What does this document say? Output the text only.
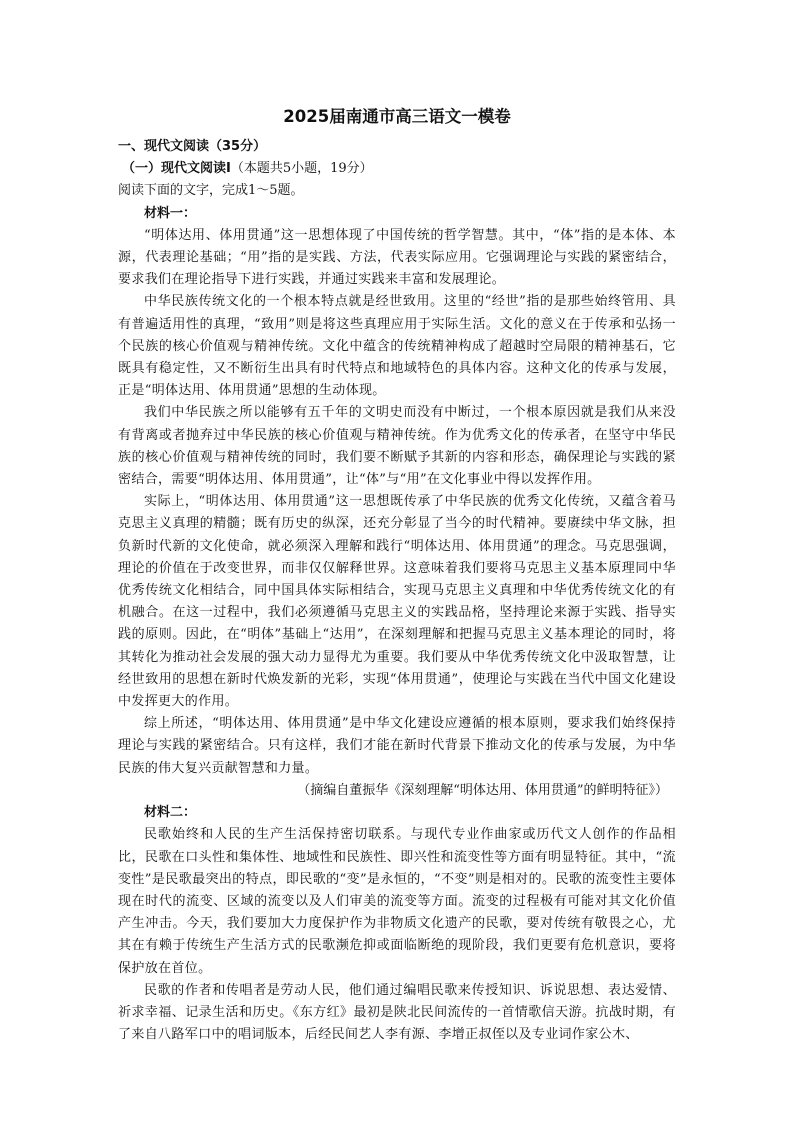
2025届南通市高三语文一模卷

一、现代文阅读（35分）

（一）现代文阅读Ⅰ（本题共5小题，19分）

阅读下面的文字，完成1～5题。

材料一：

“明体达用、体用贯通”这一思想体现了中国传统的哲学智慧。其中，“体”指的是本体、本源，代表理论基础；“用”指的是实践、方法，代表实际应用。它强调理论与实践的紧密结合，要求我们在理论指导下进行实践，并通过实践来丰富和发展理论。

中华民族传统文化的一个根本特点就是经世致用。这里的“经世”指的是那些始终管用、具有普遍适用性的真理，“致用”则是将这些真理应用于实际生活。文化的意义在于传承和弘扬一个民族的核心价值观与精神传统。文化中蕴含的传统精神构成了超越时空局限的精神基石，它既具有稳定性，又不断衍生出具有时代特点和地域特色的具体内容。这种文化的传承与发展，正是“明体达用、体用贯通”思想的生动体现。

我们中华民族之所以能够有五千年的文明史而没有中断过，一个根本原因就是我们从来没有背离或者抛弃过中华民族的核心价值观与精神传统。作为优秀文化的传承者，在坚守中华民族的核心价值观与精神传统的同时，我们要不断赋予其新的内容和形态，确保理论与实践的紧密结合，需要“明体达用、体用贯通”，让“体”与“用”在文化事业中得以发挥作用。

实际上，“明体达用、体用贯通”这一思想既传承了中华民族的优秀文化传统，又蕴含着马克思主义真理的精髓；既有历史的纵深，还充分彰显了当今的时代精神。要赓续中华文脉，担负新时代新的文化使命，就必须深入理解和践行“明体达用、体用贯通”的理念。马克思强调，理论的价值在于改变世界，而非仅仅解释世界。这意味着我们要将马克思主义基本原理同中华优秀传统文化相结合，同中国具体实际相结合，实现马克思主义真理和中华优秀传统文化的有机融合。在这一过程中，我们必须遵循马克思主义的实践品格，坚持理论来源于实践、指导实践的原则。因此，在“明体”基础上“达用”，在深刻理解和把握马克思主义基本理论的同时，将其转化为推动社会发展的强大动力显得尤为重要。我们要从中华优秀传统文化中汲取智慧，让经世致用的思想在新时代焕发新的光彩，实现“体用贯通”，使理论与实践在当代中国文化建设中发挥更大的作用。

综上所述，“明体达用、体用贯通”是中华文化建设应遵循的根本原则，要求我们始终保持理论与实践的紧密结合。只有这样，我们才能在新时代背景下推动文化的传承与发展，为中华民族的伟大复兴贡献智慧和力量。

（摘编自董振华《深刻理解“明体达用、体用贯通”的鲜明特征》）

材料二：

民歌始终和人民的生产生活保持密切联系。与现代专业作曲家或历代文人创作的作品相比，民歌在口头性和集体性、地域性和民族性、即兴性和流变性等方面有明显特征。其中，“流变性”是民歌最突出的特点，即民歌的“变”是永恒的，“不变”则是相对的。民歌的流变性主要体现在时代的流变、区域的流变以及人们审美的流变等方面。流变的过程极有可能对其文化价值产生冲击。今天，我们要加大力度保护作为非物质文化遗产的民歌，要对传统有敬畏之心，尤其在有赖于传统生产生活方式的民歌濒危抑或面临断绝的现阶段，我们更要有危机意识，要将保护放在首位。

民歌的作者和传唱者是劳动人民，他们通过编唱民歌来传授知识、诉说思想、表达爱情、祈求幸福、记录生活和历史。《东方红》最初是陕北民间流传的一首情歌信天游。抗战时期，有了来自八路军口中的唱词版本，后经民间艺人李有源、李增正叔侄以及专业词作家公木、
